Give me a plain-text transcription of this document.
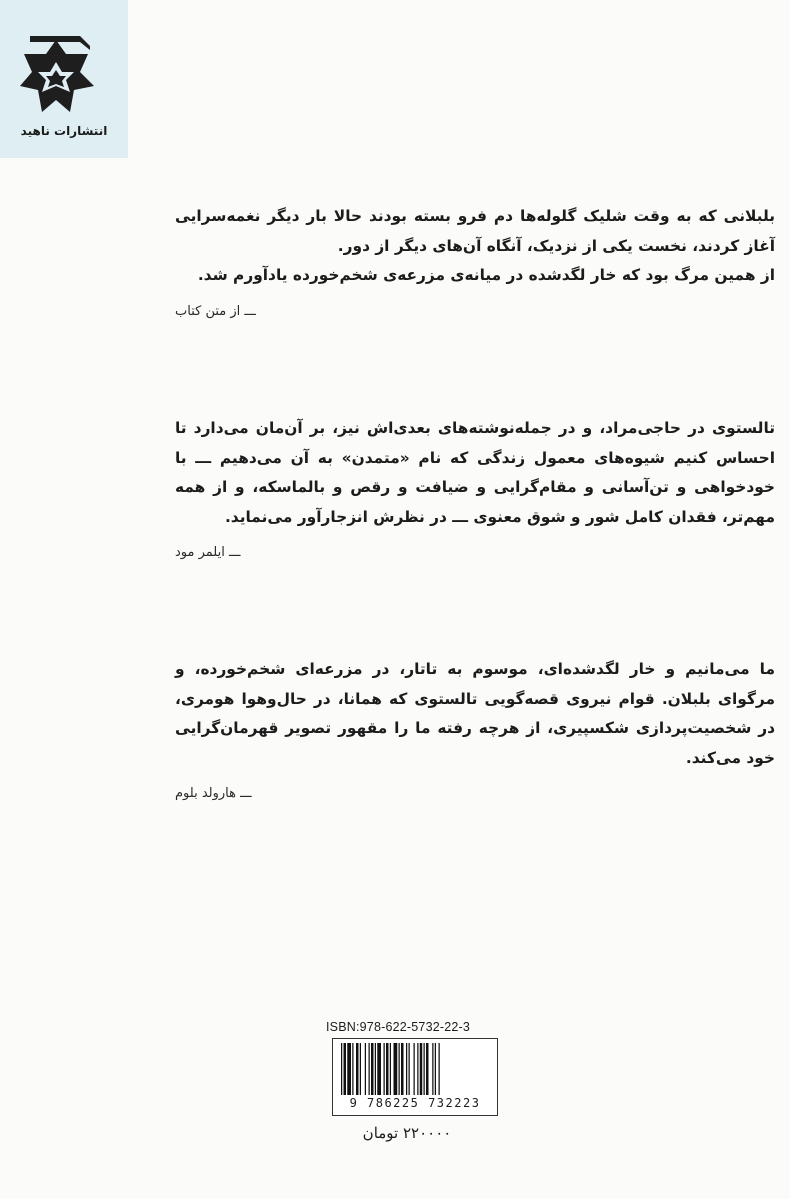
انتشارات ناهید

بلبلانی که به وقت شلیک گلوله‌ها دم فرو بسته بودند حالا بار دیگر نغمه‌سرایی آغاز کردند، نخست یکی از نزدیک، آنگاه آن‌های دیگر از دور.

از همین مرگ بود که خار لگدشده در میانه‌ی مزرعه‌ی شخم‌خورده یادآورم شد.

ـــ از متن کتاب

تالستوی در حاجی‌مراد، و در جمله‌نوشته‌های بعدی‌اش نیز، بر آن‌مان می‌دارد تا احساس کنیم شیوه‌های معمول زندگی که نام «متمدن» به آن می‌دهیم ـــ با خودخواهی و تن‌آسانی و مقام‌گرایی و ضیافت و رقص و بالماسکه، و از همه مهم‌تر، فقدان کامل شور و شوق معنوی ـــ در نظرش انزجارآور می‌نماید.

ـــ ایلمر مود

ما می‌مانیم و خار لگدشده‌ای، موسوم به تاتار، در مزرعه‌ای شخم‌خورده، و مرگوای بلبلان. قوام نیروی قصه‌گویی تالستوی که همانا، در حال‌وهوا هومری، در شخصیت‌پردازی شکسپیری، از هرچه رفته ما را مقهور تصویر قهرمان‌گرایی خود می‌کند.

ـــ هارولد بلوم
ISBN:978-622-5732-22-3
9 786225 732223
۲۲۰۰۰۰ تومان
